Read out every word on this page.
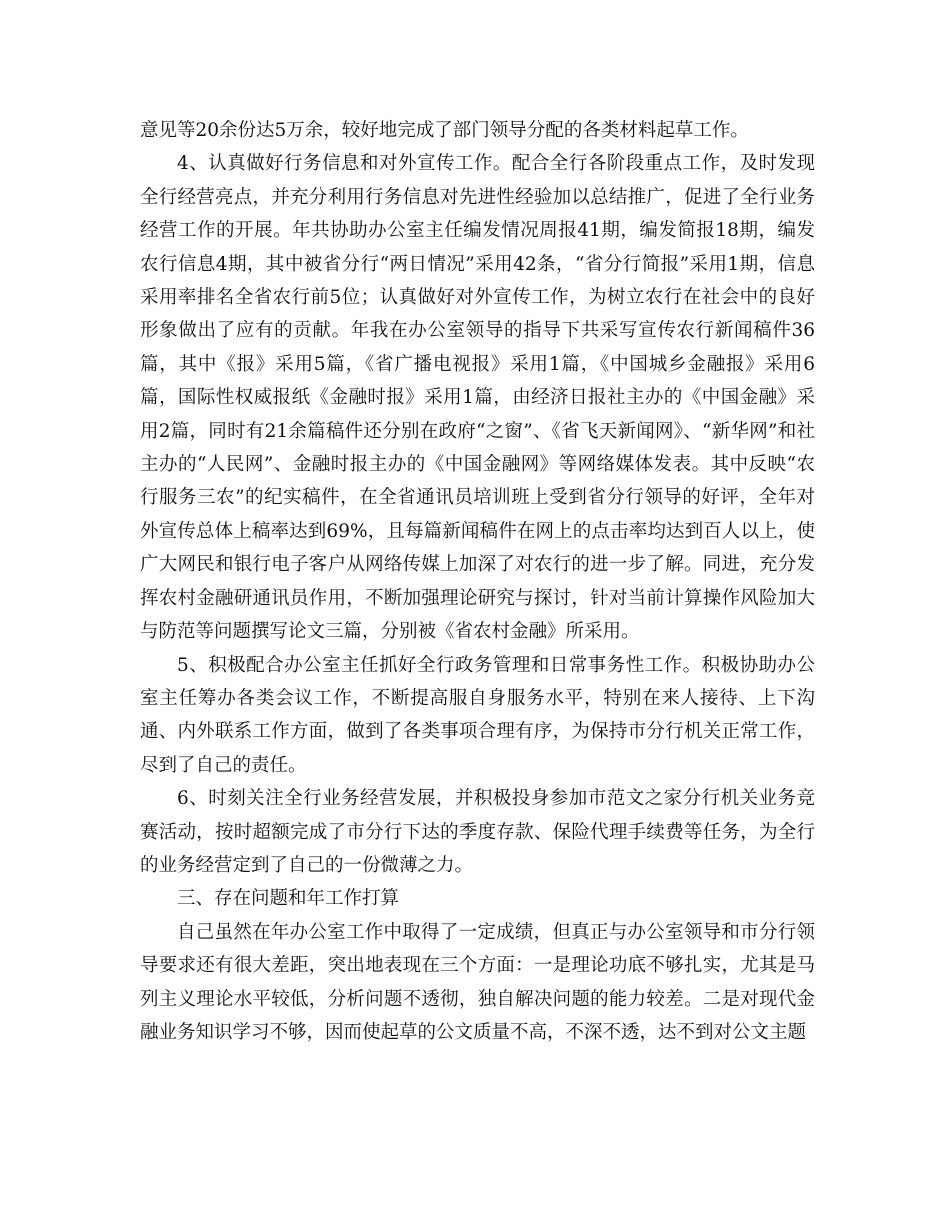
意见等20余份达5万余，较好地完成了部门领导分配的各类材料起草工作。

4、认真做好行务信息和对外宣传工作。配合全行各阶段重点工作，及时发现全行经营亮点，并充分利用行务信息对先进性经验加以总结推广，促进了全行业务经营工作的开展。年共协助办公室主任编发情况周报41期，编发简报18期，编发农行信息4期，其中被省分行“两日情况”采用42条，“省分行简报”采用1期，信息采用率排名全省农行前5位；认真做好对外宣传工作，为树立农行在社会中的良好形象做出了应有的贡献。年我在办公室领导的指导下共采写宣传农行新闻稿件36篇，其中《报》采用5篇，《省广播电视报》采用1篇，《中国城乡金融报》采用6篇，国际性权威报纸《金融时报》采用1篇，由经济日报社主办的《中国金融》采用2篇，同时有21余篇稿件还分别在政府“之窗”、《省飞天新闻网》、“新华网”和社主办的“人民网”、金融时报主办的《中国金融网》等网络媒体发表。其中反映“农行服务三农”的纪实稿件，在全省通讯员培训班上受到省分行领导的好评，全年对外宣传总体上稿率达到69%，且每篇新闻稿件在网上的点击率均达到百人以上，使广大网民和银行电子客户从网络传媒上加深了对农行的进一步了解。同进，充分发挥农村金融研通讯员作用，不断加强理论研究与探讨，针对当前计算操作风险加大与防范等问题撰写论文三篇，分别被《省农村金融》所采用。

5、积极配合办公室主任抓好全行政务管理和日常事务性工作。积极协助办公室主任筹办各类会议工作，不断提高服自身服务水平，特别在来人接待、上下沟通、内外联系工作方面，做到了各类事项合理有序，为保持市分行机关正常工作，尽到了自己的责任。

6、时刻关注全行业务经营发展，并积极投身参加市范文之家分行机关业务竞赛活动，按时超额完成了市分行下达的季度存款、保险代理手续费等任务，为全行的业务经营定到了自己的一份微薄之力。

三、存在问题和年工作打算

自己虽然在年办公室工作中取得了一定成绩，但真正与办公室领导和市分行领导要求还有很大差距，突出地表现在三个方面：一是理论功底不够扎实，尤其是马列主义理论水平较低，分析问题不透彻，独自解决问题的能力较差。二是对现代金融业务知识学习不够，因而使起草的公文质量不高，不深不透，达不到对公文主题
